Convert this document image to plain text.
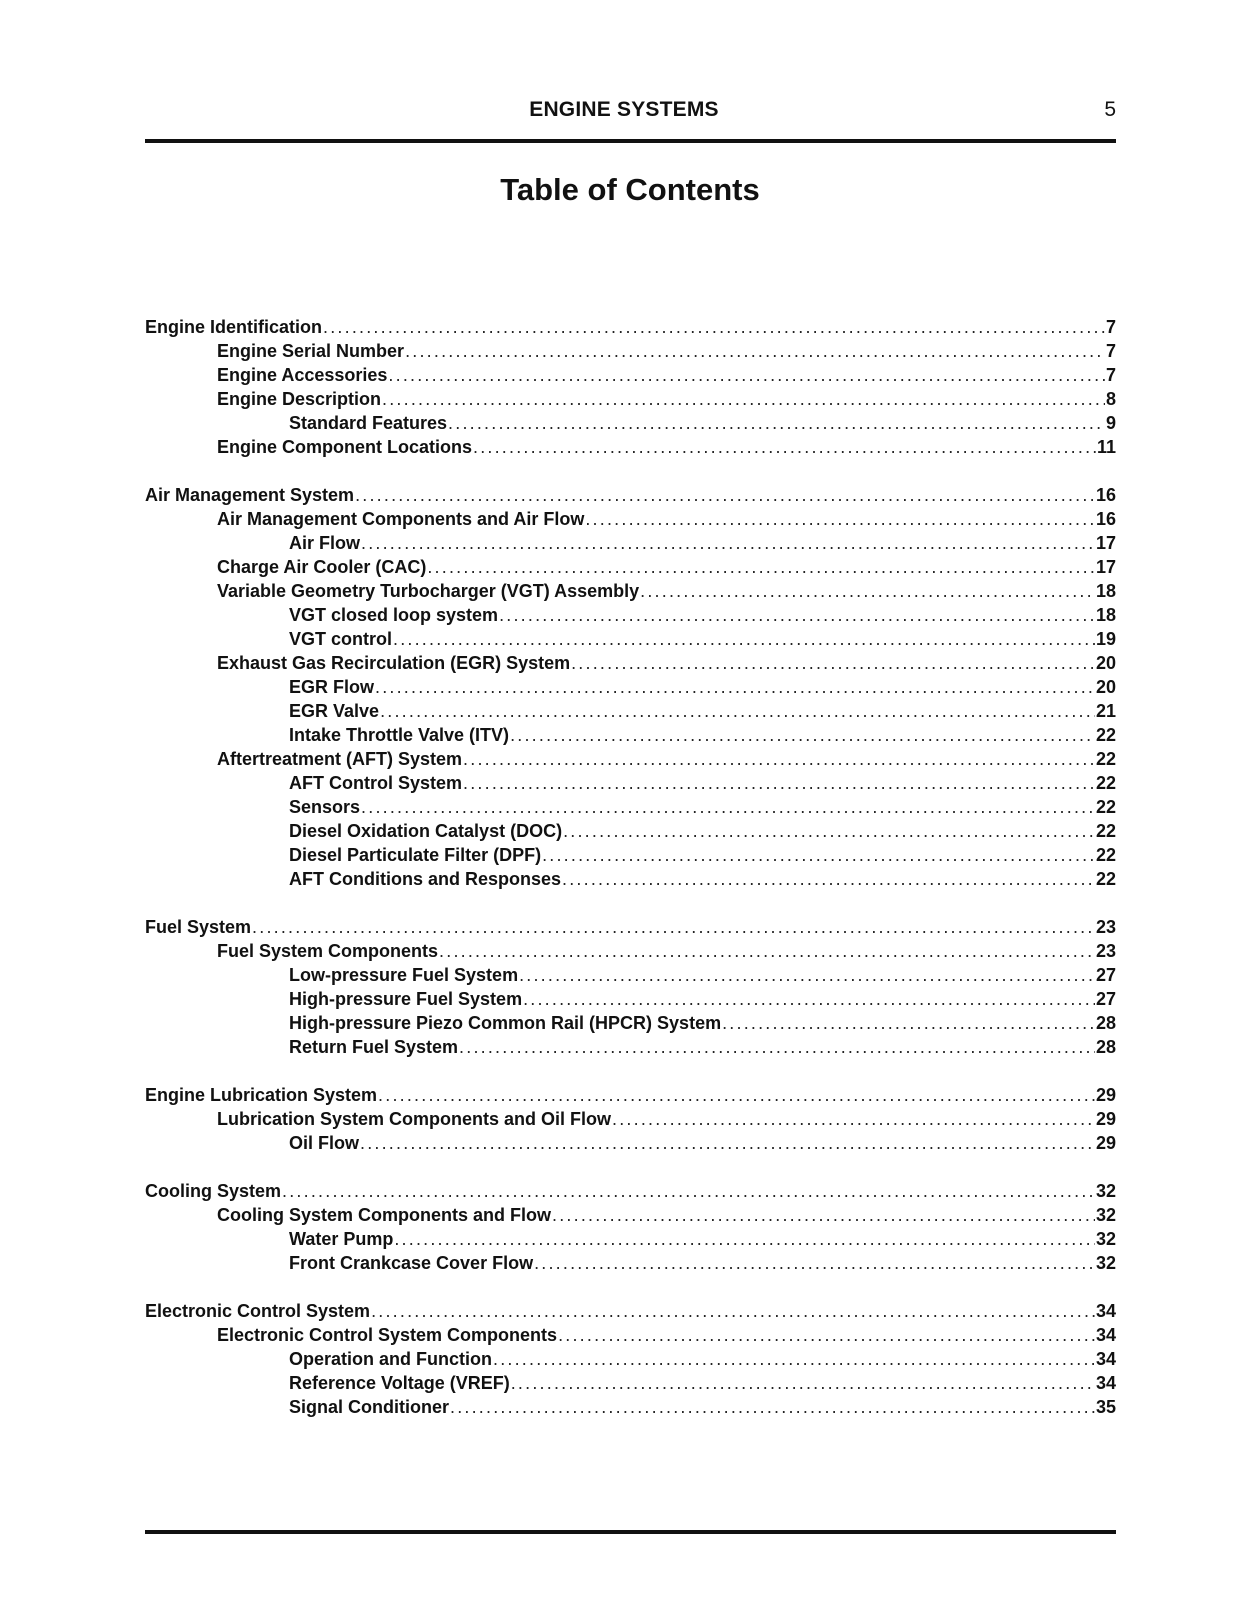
ENGINE SYSTEMS	5
Table of Contents
Engine Identification .....	7
Engine Serial Number .....	7
Engine Accessories .....	7
Engine Description .....	8
Standard Features .....	9
Engine Component Locations .....	11
Air Management System .....	16
Air Management Components and Air Flow .....	16
Air Flow .....	17
Charge Air Cooler (CAC) .....	17
Variable Geometry Turbocharger (VGT) Assembly .....	18
VGT closed loop system .....	18
VGT control .....	19
Exhaust Gas Recirculation (EGR) System .....	20
EGR Flow .....	20
EGR Valve .....	21
Intake Throttle Valve (ITV) .....	22
Aftertreatment (AFT) System .....	22
AFT Control System .....	22
Sensors .....	22
Diesel Oxidation Catalyst (DOC) .....	22
Diesel Particulate Filter (DPF) .....	22
AFT Conditions and Responses .....	22
Fuel System .....	23
Fuel System Components .....	23
Low-pressure Fuel System .....	27
High-pressure Fuel System .....	27
High-pressure Piezo Common Rail (HPCR) System .....	28
Return Fuel System .....	28
Engine Lubrication System .....	29
Lubrication System Components and Oil Flow .....	29
Oil Flow .....	29
Cooling System .....	32
Cooling System Components and Flow .....	32
Water Pump .....	32
Front Crankcase Cover Flow .....	32
Electronic Control System .....	34
Electronic Control System Components .....	34
Operation and Function .....	34
Reference Voltage (VREF) .....	34
Signal Conditioner .....	35
